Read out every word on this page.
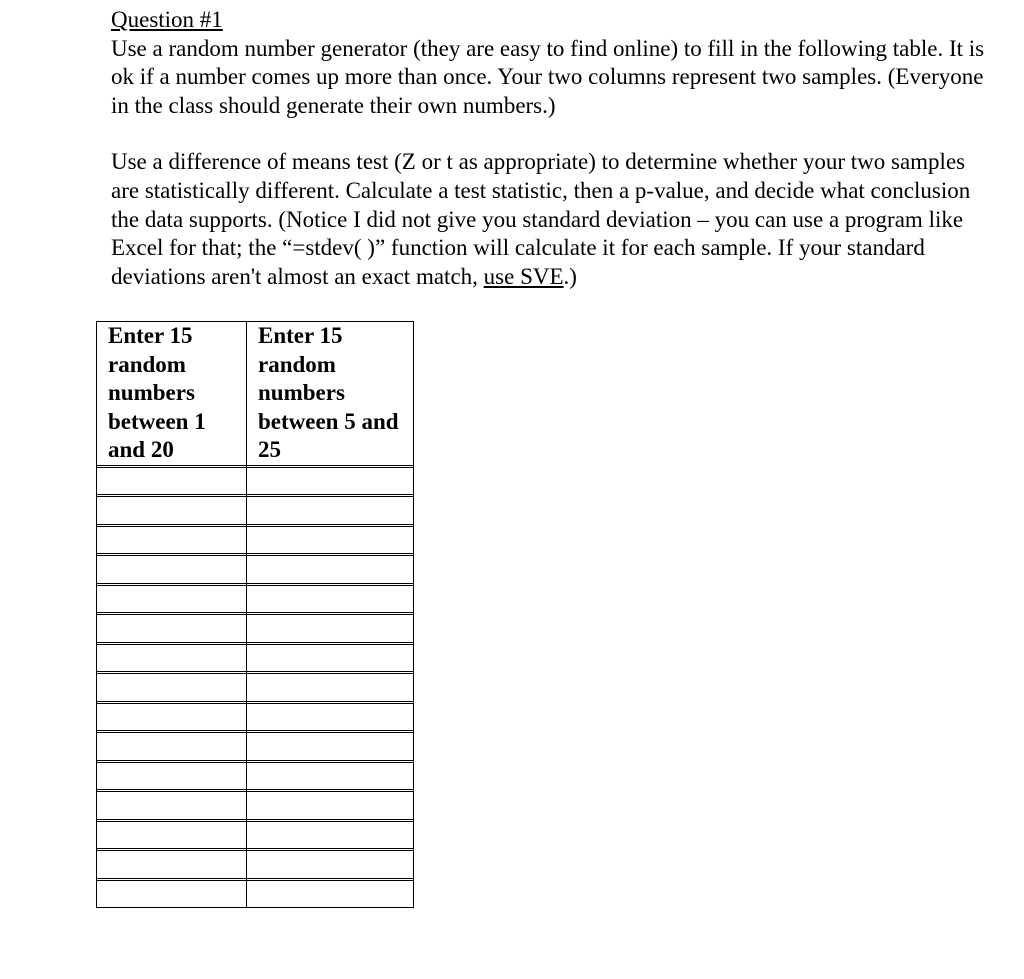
Question #1

Use a random number generator (they are easy to find online) to fill in the following table. It is ok if a number comes up more than once. Your two columns represent two samples. (Everyone in the class should generate their own numbers.)

Use a difference of means test (Z or t as appropriate) to determine whether your two samples are statistically different. Calculate a test statistic, then a p-value, and decide what conclusion the data supports. (Notice I did not give you standard deviation – you can use a program like Excel for that; the “=stdev( )” function will calculate it for each sample. If your standard deviations aren't almost an exact match, use SVE.)

Enter 15 random numbers between 1 and 20	Enter 15 random numbers between 5 and 25
